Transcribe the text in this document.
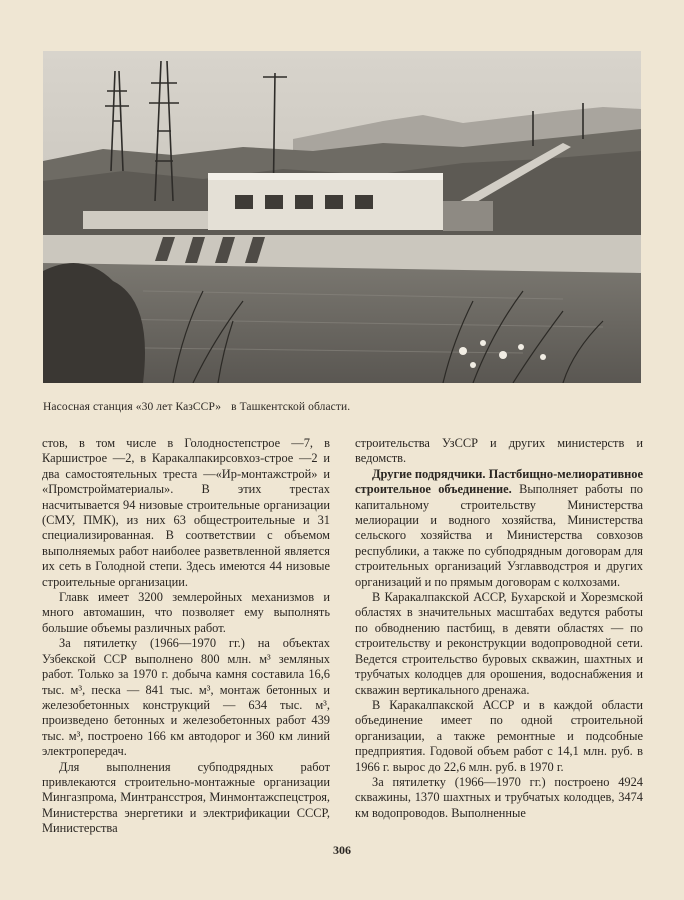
Насосная станция «30 лет КазССР» в Ташкентской области.

стов, в том числе в Голодностепстрое —7, в Каршистрое —2, в Каракалпакирсовхоз-строе —2 и два самостоятельных треста —«Ир-монтажстрой» и «Промстройматериалы». В этих трестах насчитывается 94 низовые строительные организации (СМУ, ПМК), из них 63 общестроительные и 31 специализированная. В соответствии с объемом выполняемых работ наиболее разветвленной является их сеть в Голодной степи. Здесь имеются 44 низовые строительные организации.

Главк имеет 3200 землеройных механизмов и много автомашин, что позволяет ему выполнять большие объемы различных работ.

За пятилетку (1966—1970 гг.) на объектах Узбекской ССР выполнено 800 млн. м³ земляных работ. Только за 1970 г. добыча камня составила 16,6 тыс. м³, песка — 841 тыс. м³, монтаж бетонных и железобетонных конструкций — 634 тыс. м³, произведено бетонных и железобетонных работ 439 тыс. м³, построено 166 км автодорог и 360 км линий электропередач.

Для выполнения субподрядных работ привлекаются строительно-монтажные организации Мингазпрома, Минтрансстроя, Минмонтажспецстроя, Министерства энергетики и электрификации СССР, Министерства

строительства УзССР и других министерств и ведомств.

Другие подрядчики. Пастбищно-мелиоративное строительное объединение. Выполняет работы по капитальному строительству Министерства мелиорации и водного хозяйства, Министерства сельского хозяйства и Министерства совхозов республики, а также по субподрядным договорам для строительных организаций Узглавводстроя и других организаций и по прямым договорам с колхозами.

В Каракалпакской АССР, Бухарской и Хорезмской областях в значительных масштабах ведутся работы по обводнению пастбищ, в девяти областях — по строительству и реконструкции водопроводной сети. Ведется строительство буровых скважин, шахтных и трубчатых колодцев для орошения, водоснабжения и скважин вертикального дренажа.

В Каракалпакской АССР и в каждой области объединение имеет по одной строительной организации, а также ремонтные и подсобные предприятия. Годовой объем работ с 14,1 млн. руб. в 1966 г. вырос до 22,6 млн. руб. в 1970 г.

За пятилетку (1966—1970 гг.) построено 4924 скважины, 1370 шахтных и трубчатых колодцев, 3474 км водопроводов. Выполненные

306
